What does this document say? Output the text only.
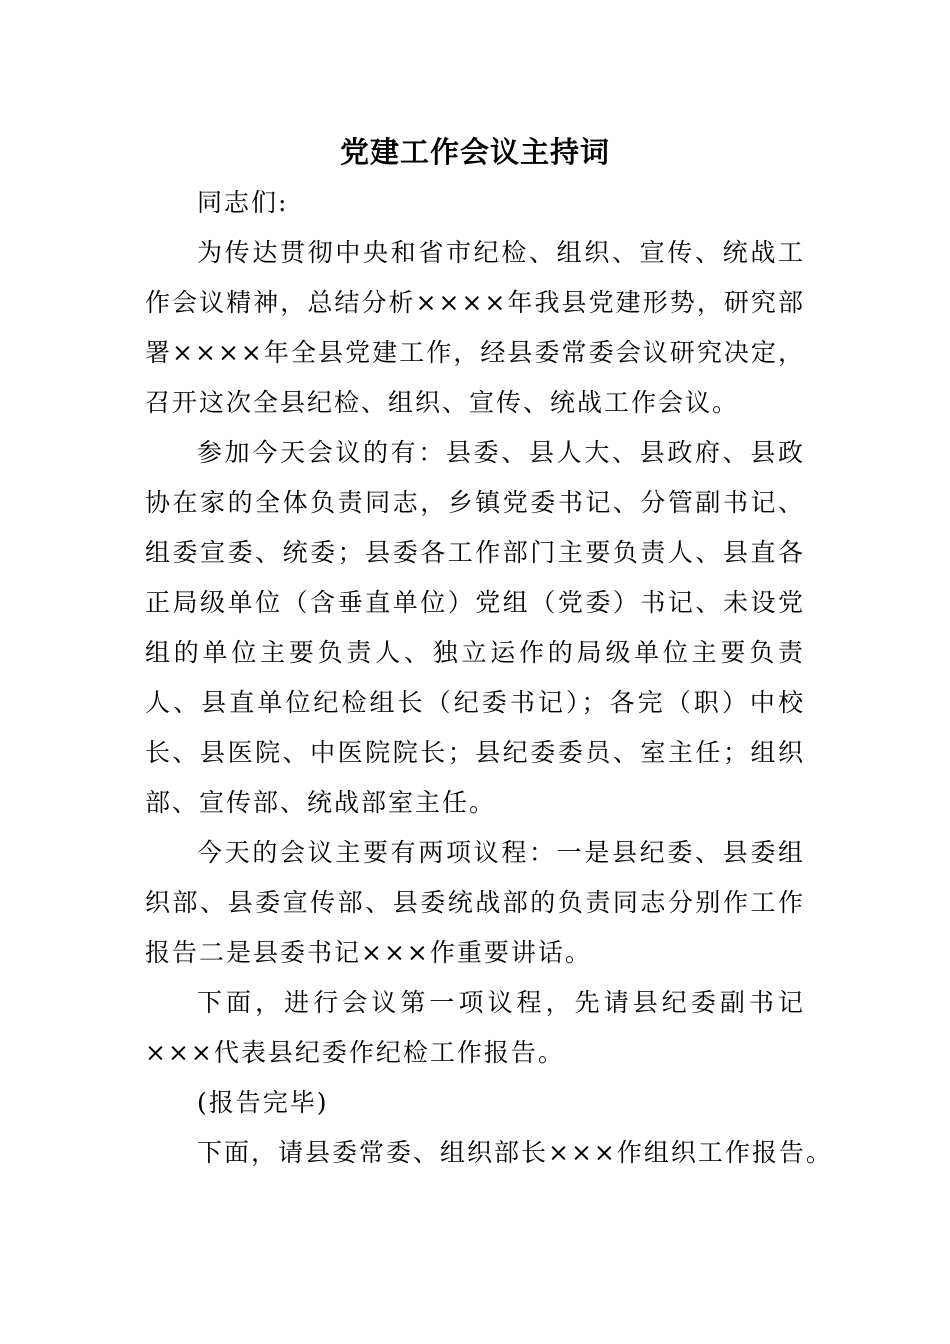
党建工作会议主持词

同志们:

为传达贯彻中央和省市纪检、组织、宣传、统战工作会议精神，总结分析××××年我县党建形势，研究部署××××年全县党建工作，经县委常委会议研究决定，召开这次全县纪检、组织、宣传、统战工作会议。

参加今天会议的有：县委、县人大、县政府、县政协在家的全体负责同志，乡镇党委书记、分管副书记、组委宣委、统委；县委各工作部门主要负责人、县直各正局级单位（含垂直单位）党组（党委）书记、未设党组的单位主要负责人、独立运作的局级单位主要负责人、县直单位纪检组长（纪委书记）；各完（职）中校长、县医院、中医院院长；县纪委委员、室主任；组织部、宣传部、统战部室主任。

今天的会议主要有两项议程：一是县纪委、县委组织部、县委宣传部、县委统战部的负责同志分别作工作报告二是县委书记×××作重要讲话。

下面，进行会议第一项议程，先请县纪委副书记×××代表县纪委作纪检工作报告。

(报告完毕)

下面，请县委常委、组织部长×××作组织工作报告。
